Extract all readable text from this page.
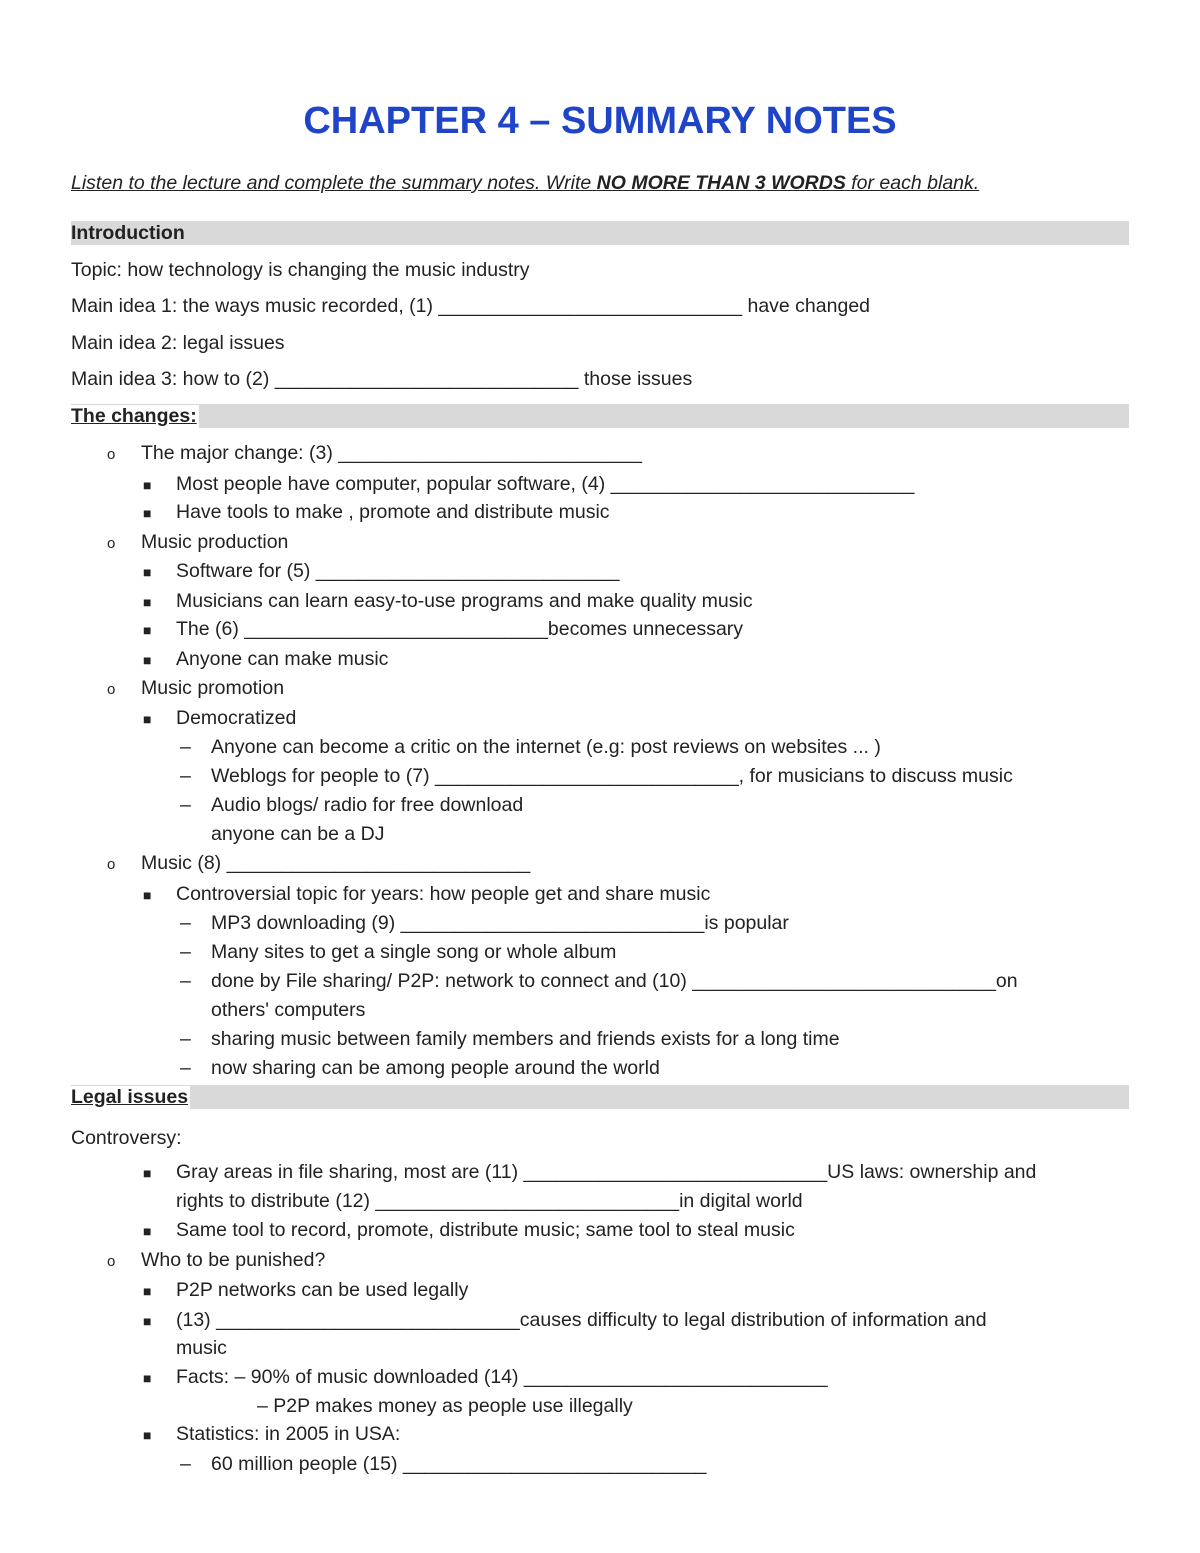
CHAPTER 4 – SUMMARY NOTES
Listen to the lecture and complete the summary notes. Write NO MORE THAN 3 WORDS for each blank.
Introduction
Topic: how technology is changing the music industry
Main idea 1: the ways music recorded, (1) ____________________________ have changed
Main idea 2: legal issues
Main idea 3: how to (2) ____________________________ those issues
The changes:
o The major change: (3) ____________________________
■ Most people have computer, popular software, (4) ____________________________
■ Have tools to make , promote and distribute music
o Music production
■ Software for (5) ____________________________
■ Musicians can learn easy-to-use programs and make quality music
■ The (6) ____________________________becomes unnecessary
■ Anyone can make music
o Music promotion
■ Democratized
– Anyone can become a critic on the internet (e.g: post reviews on websites ... )
– Weblogs for people to (7) ____________________________, for musicians to discuss music
– Audio blogs/ radio for free download
anyone can be a DJ
o Music (8) ____________________________
■ Controversial topic for years: how people get and share music
– MP3 downloading (9) ____________________________is popular
– Many sites to get a single song or whole album
– done by File sharing/ P2P: network to connect and (10) ____________________________on
others' computers
– sharing music between family members and friends exists for a long time
– now sharing can be among people around the world
Legal issues
Controversy:
■ Gray areas in file sharing, most are (11) ____________________________US laws: ownership and
rights to distribute (12) ____________________________in digital world
■ Same tool to record, promote, distribute music; same tool to steal music
o Who to be punished?
■ P2P networks can be used legally
■ (13) ____________________________causes difficulty to legal distribution of information and
music
■ Facts: – 90% of music downloaded (14) ____________________________
– P2P makes money as people use illegally
■ Statistics: in 2005 in USA:
– 60 million people (15) ____________________________
